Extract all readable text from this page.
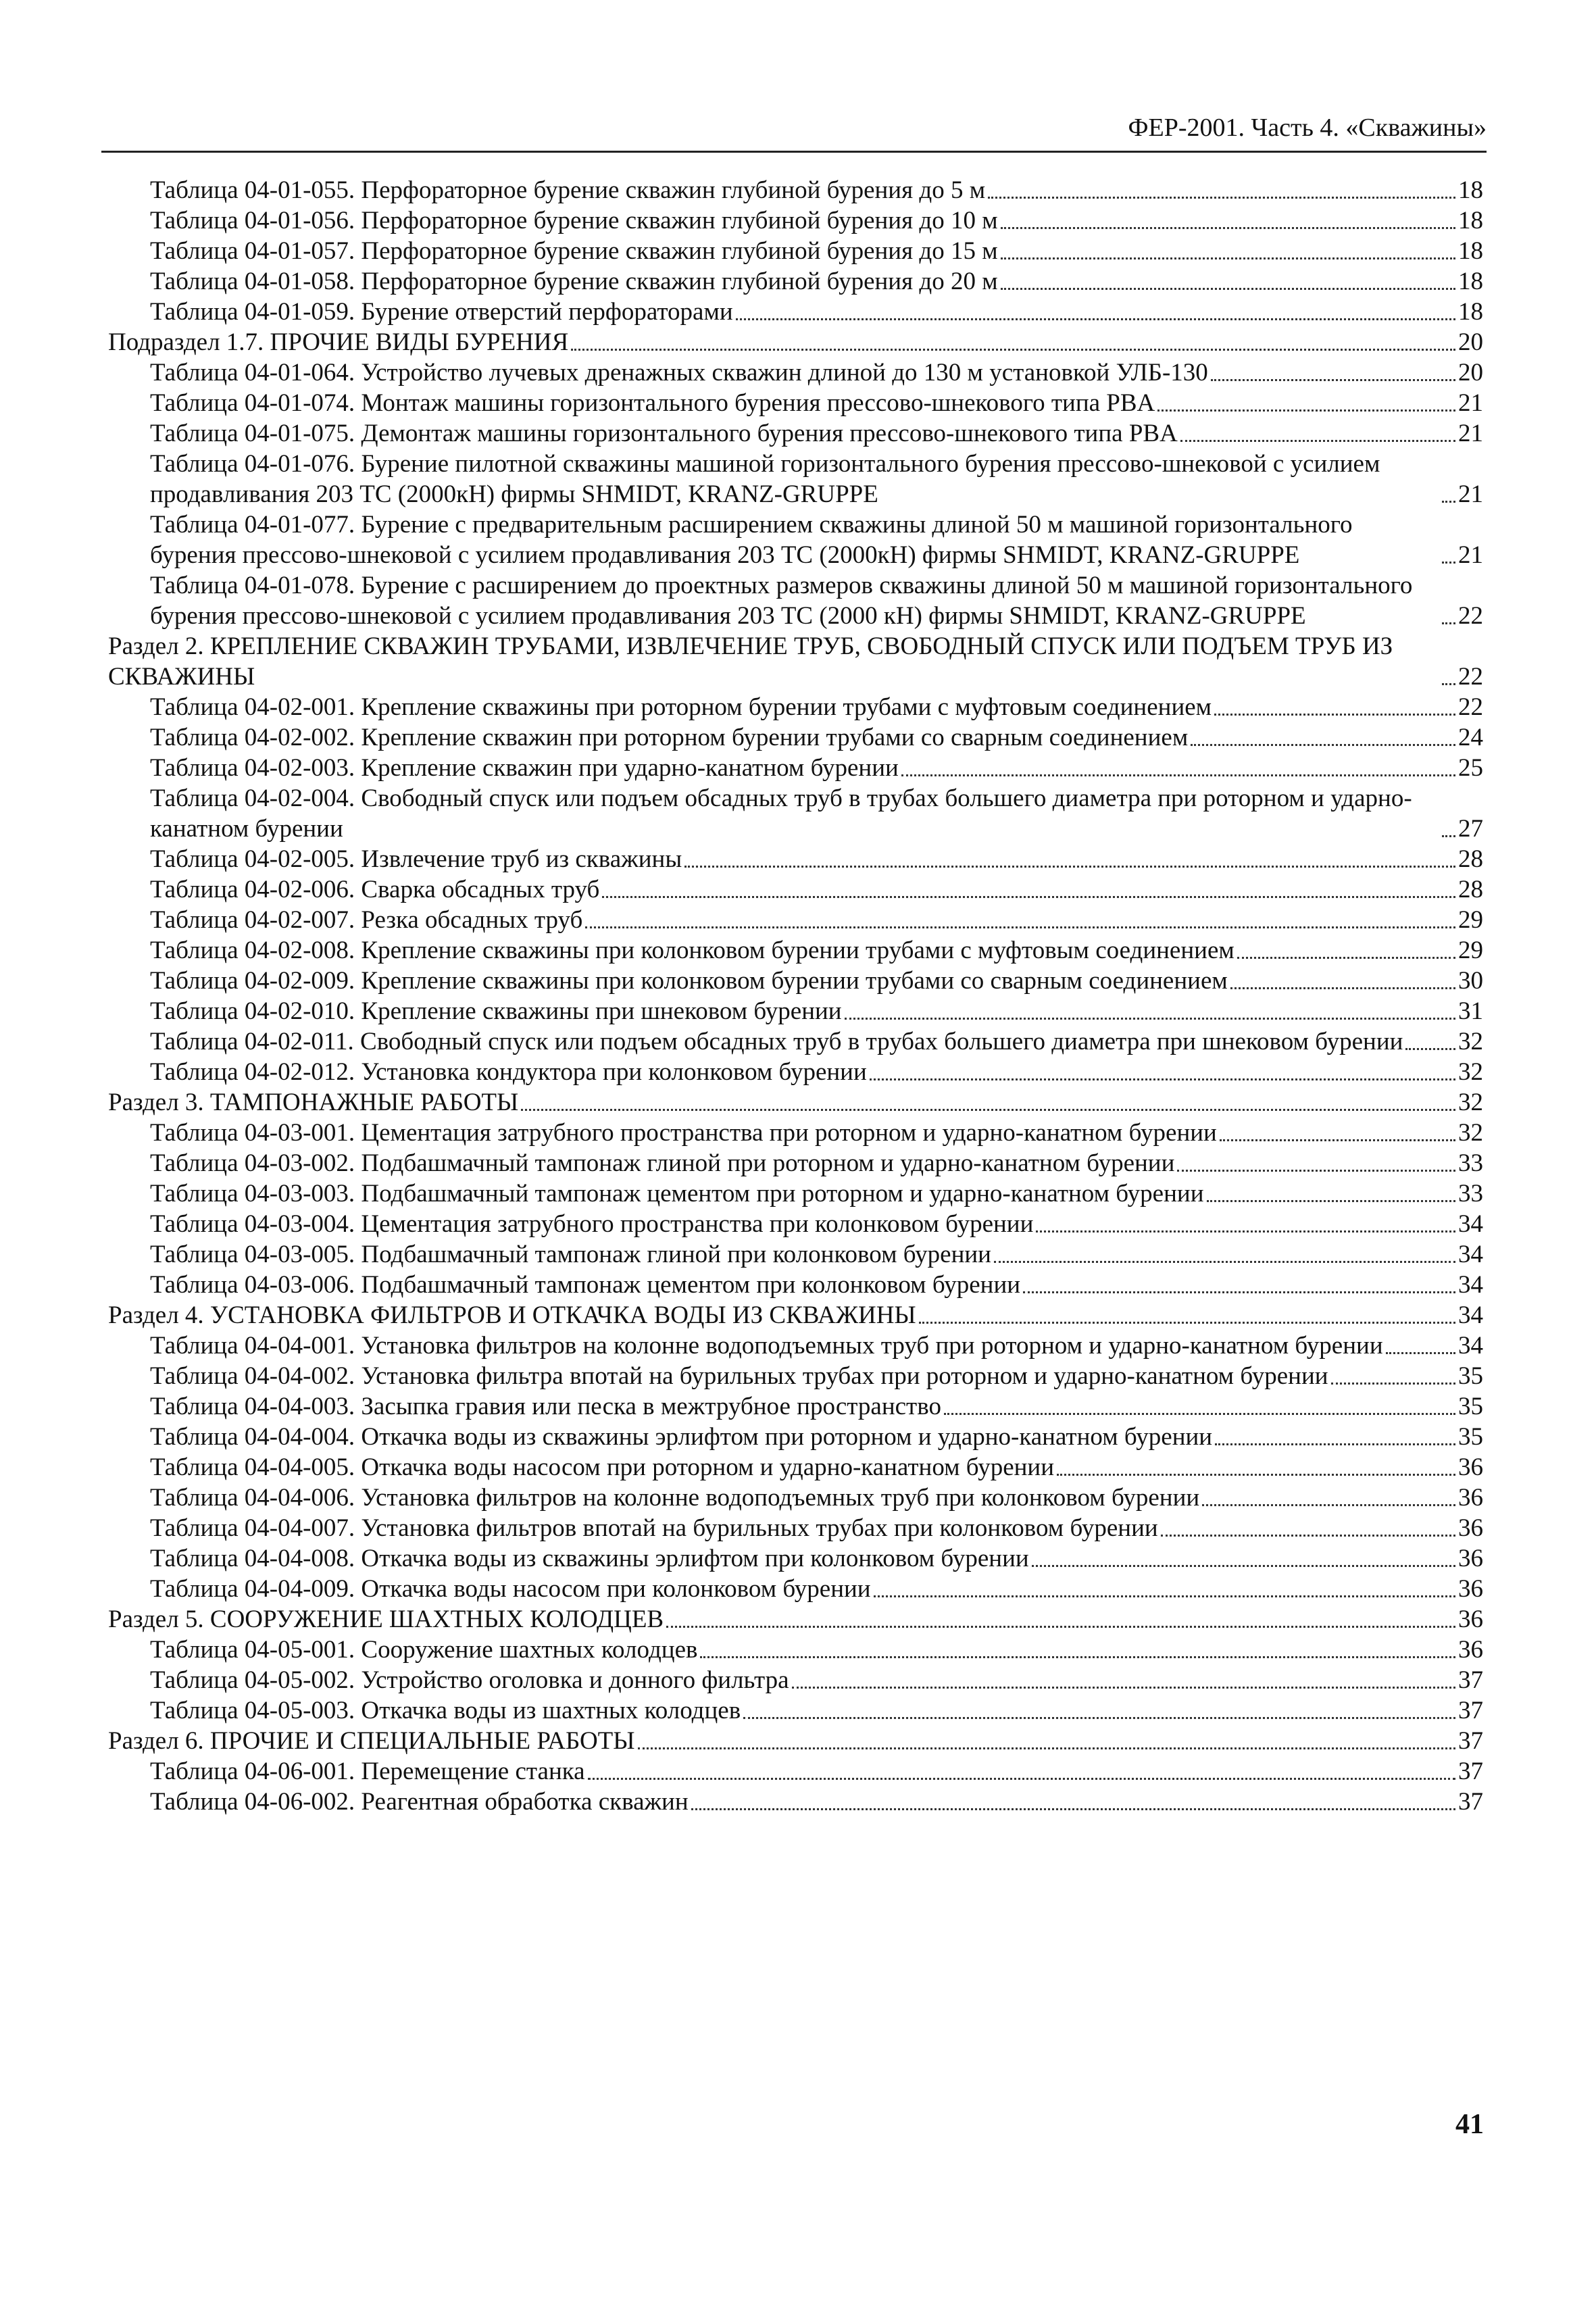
ФЕР-2001. Часть 4. «Скважины»
Таблица 04-01-055. Перфораторное бурение скважин глубиной бурения до 5 м	18
Таблица 04-01-056. Перфораторное бурение скважин глубиной бурения до 10 м	18
Таблица 04-01-057. Перфораторное бурение скважин глубиной бурения до 15 м	18
Таблица 04-01-058. Перфораторное бурение скважин глубиной бурения до 20 м	18
Таблица 04-01-059. Бурение отверстий перфораторами	18
Подраздел 1.7. ПРОЧИЕ ВИДЫ БУРЕНИЯ	20
Таблица 04-01-064. Устройство лучевых дренажных скважин длиной до 130 м установкой УЛБ-130	20
Таблица 04-01-074. Монтаж машины горизонтального бурения прессово-шнекового типа PBA	21
Таблица 04-01-075. Демонтаж машины горизонтального бурения прессово-шнекового типа PBA	21
Таблица 04-01-076. Бурение пилотной скважины машиной горизонтального бурения прессово-шнековой с усилием продавливания 203 ТС (2000кН) фирмы SHMIDT, KRANZ-GRUPPE	21
Таблица 04-01-077. Бурение с предварительным расширением скважины длиной 50 м машиной горизонтального бурения прессово-шнековой с усилием продавливания 203 ТС (2000кН) фирмы SHMIDT, KRANZ-GRUPPE	21
Таблица 04-01-078. Бурение с расширением до проектных размеров скважины длиной 50 м машиной горизонтального бурения прессово-шнековой с усилием продавливания 203 ТС (2000 кН) фирмы SHMIDT, KRANZ-GRUPPE	22
Раздел 2. КРЕПЛЕНИЕ СКВАЖИН ТРУБАМИ, ИЗВЛЕЧЕНИЕ ТРУБ, СВОБОДНЫЙ СПУСК ИЛИ ПОДЪЕМ ТРУБ ИЗ СКВАЖИНЫ	22
Таблица 04-02-001. Крепление скважины при роторном бурении трубами с муфтовым соединением	22
Таблица 04-02-002. Крепление скважин при роторном бурении трубами со сварным соединением	24
Таблица 04-02-003. Крепление скважин при ударно-канатном бурении	25
Таблица 04-02-004. Свободный спуск или подъем обсадных труб в трубах большего диаметра при роторном и ударно-канатном бурении	27
Таблица 04-02-005. Извлечение труб из скважины	28
Таблица 04-02-006. Сварка обсадных труб	28
Таблица 04-02-007. Резка обсадных труб	29
Таблица 04-02-008. Крепление скважины при колонковом бурении трубами с муфтовым соединением	29
Таблица 04-02-009. Крепление скважины при колонковом бурении трубами со сварным соединением	30
Таблица 04-02-010. Крепление скважины при шнековом бурении	31
Таблица 04-02-011. Свободный спуск или подъем обсадных труб в трубах большего диаметра при шнековом бурении 32
Таблица 04-02-012. Установка кондуктора при колонковом бурении	32
Раздел 3. ТАМПОНАЖНЫЕ РАБОТЫ	32
Таблица 04-03-001. Цементация затрубного пространства при роторном и ударно-канатном бурении	32
Таблица 04-03-002. Подбашмачный тампонаж глиной при роторном и ударно-канатном бурении	33
Таблица 04-03-003. Подбашмачный тампонаж цементом при роторном и ударно-канатном бурении	33
Таблица 04-03-004. Цементация затрубного пространства при колонковом бурении	34
Таблица 04-03-005. Подбашмачный тампонаж глиной при колонковом бурении	34
Таблица 04-03-006. Подбашмачный тампонаж цементом при колонковом бурении	34
Раздел 4. УСТАНОВКА ФИЛЬТРОВ И ОТКАЧКА ВОДЫ ИЗ СКВАЖИНЫ	34
Таблица 04-04-001. Установка фильтров на колонне водоподъемных труб при роторном и ударно-канатном бурении	34
Таблица 04-04-002. Установка фильтра впотай на бурильных трубах при роторном и ударно-канатном бурении	35
Таблица 04-04-003. Засыпка гравия или песка в межтрубное пространство	35
Таблица 04-04-004. Откачка воды из скважины эрлифтом при роторном и ударно-канатном бурении	35
Таблица 04-04-005. Откачка воды насосом при роторном и ударно-канатном бурении	36
Таблица 04-04-006. Установка фильтров на колонне водоподъемных труб при колонковом бурении	36
Таблица 04-04-007. Установка фильтров впотай на бурильных трубах при колонковом бурении	36
Таблица 04-04-008. Откачка воды из скважины эрлифтом при колонковом бурении	36
Таблица 04-04-009. Откачка воды насосом при колонковом бурении	36
Раздел 5. СООРУЖЕНИЕ ШАХТНЫХ КОЛОДЦЕВ	36
Таблица 04-05-001. Сооружение шахтных колодцев	36
Таблица 04-05-002. Устройство оголовка и донного фильтра	37
Таблица 04-05-003. Откачка воды из шахтных колодцев	37
Раздел 6. ПРОЧИЕ И СПЕЦИАЛЬНЫЕ РАБОТЫ	37
Таблица 04-06-001. Перемещение станка	37
Таблица 04-06-002. Реагентная обработка скважин	37
41
